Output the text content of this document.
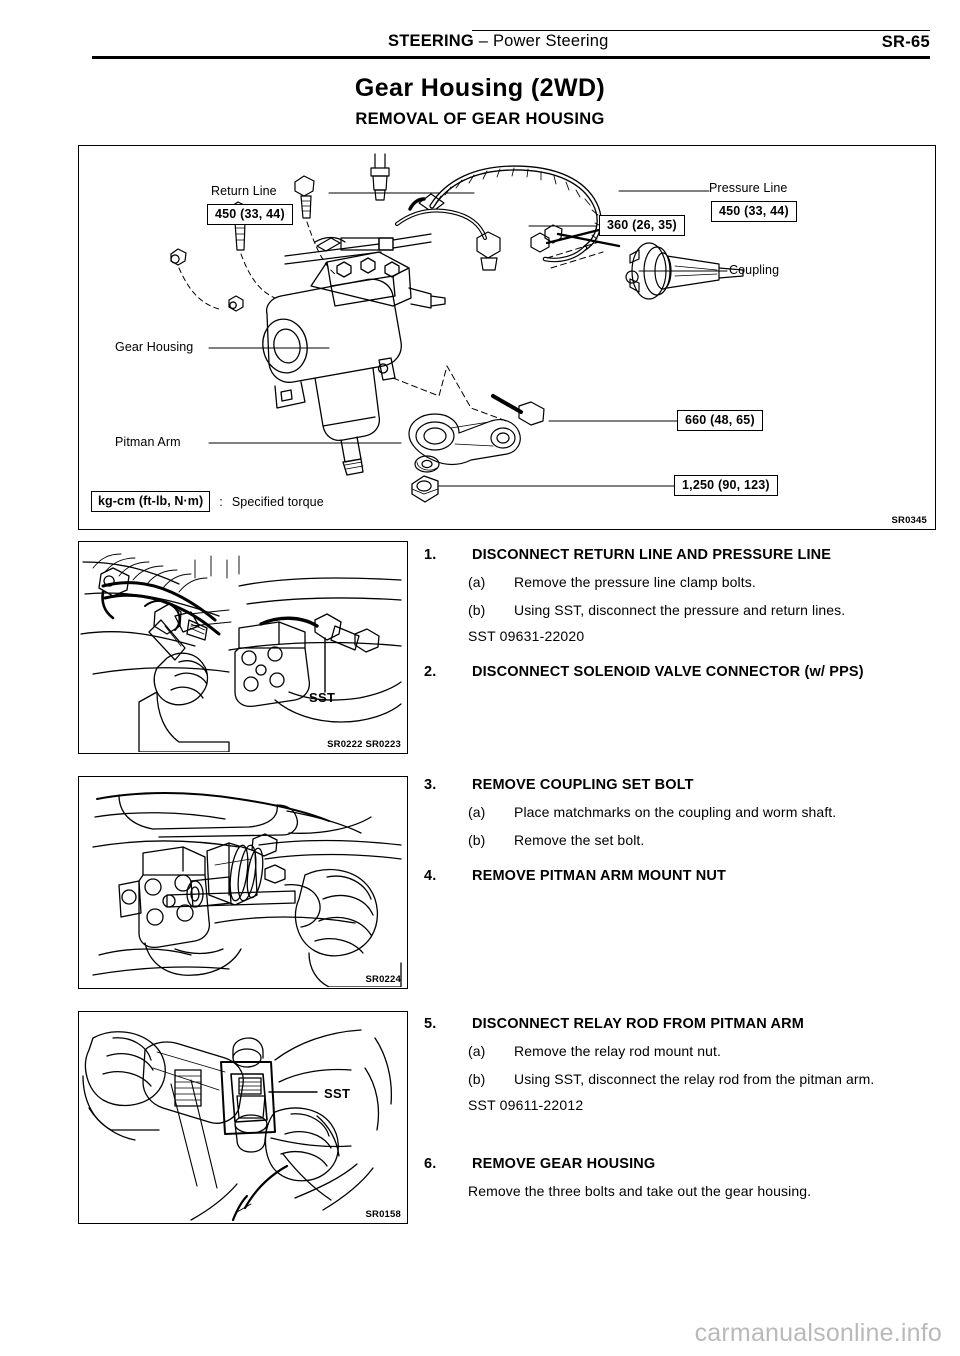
STEERING – Power Steering	SR-65
Gear Housing (2WD)
REMOVAL OF GEAR HOUSING
Return Line
450 (33, 44)
Pressure Line
450 (33, 44)
360 (26, 35)
Coupling
Gear Housing
Pitman Arm
660 (48, 65)
1,250 (90, 123)
kg-cm (ft-lb, N·m)	: Specified torque
SR0345
SST
SR0222 SR0223
SR0224
SST
SR0158
1. DISCONNECT RETURN LINE AND PRESSURE LINE
(a) Remove the pressure line clamp bolts.
(b) Using SST, disconnect the pressure and return lines.
SST 09631-22020
2. DISCONNECT SOLENOID VALVE CONNECTOR (w/ PPS)
3. REMOVE COUPLING SET BOLT
(a) Place matchmarks on the coupling and worm shaft.
(b) Remove the set bolt.
4. REMOVE PITMAN ARM MOUNT NUT
5. DISCONNECT RELAY ROD FROM PITMAN ARM
(a) Remove the relay rod mount nut.
(b) Using SST, disconnect the relay rod from the pitman arm.
SST 09611-22012
6. REMOVE GEAR HOUSING
Remove the three bolts and take out the gear housing.
carmanualsonline.info
